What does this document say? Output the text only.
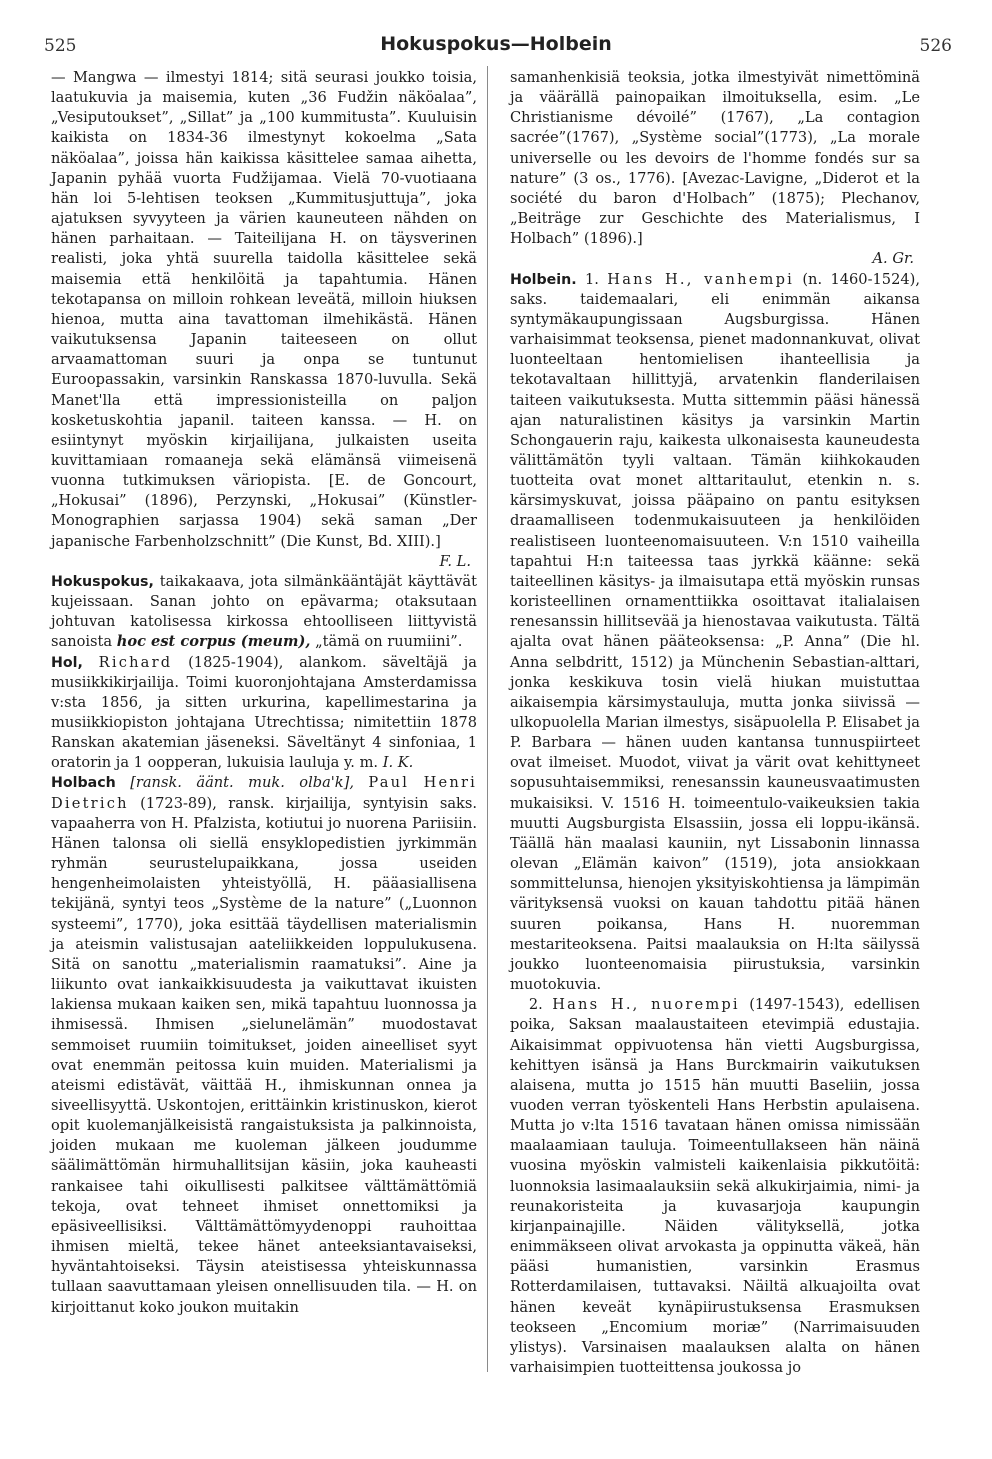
525	Hokuspokus—Holbein	526

— Mangwa — ilmestyi 1814; sitä seurasi joukko toisia, laatukuvia ja maisemia, kuten „36 Fudžin näköalaa”, „Vesiputoukset”, „Sillat” ja „100 kummitusta”. Kuuluisin kaikista on 1834-36 ilmestynyt kokoelma „Sata näköalaa”, joissa hän kaikissa käsittelee samaa aihetta, Japanin pyhää vuorta Fudžijamaa. Vielä 70-vuotiaana hän loi 5-lehtisen teoksen „Kummitusjuttuja”, joka ajatuksen syvyyteen ja värien kauneuteen nähden on hänen parhaitaan. — Taiteilijana H. on täysverinen realisti, joka yhtä suurella taidolla käsittelee sekä maisemia että henkilöitä ja tapahtumia. Hänen tekotapansa on milloin rohkean leveätä, milloin hiuksen hienoa, mutta aina tavattoman ilmehikästä. Hänen vaikutuksensa Japanin taiteeseen on ollut arvaamattoman suuri ja onpa se tuntunut Euroopassakin, varsinkin Ranskassa 1870-luvulla. Sekä Manet'lla että impressionisteilla on paljon kosketuskohtia japanil. taiteen kanssa. — H. on esiintynyt myöskin kirjailijana, julkaisten useita kuvittamiaan romaaneja sekä elämänsä viimeisenä vuonna tutkimuksen väriopista. [E. de Goncourt, „Hokusai” (1896), Perzynski, „Hokusai” (Künstler-Monographien sarjassa 1904) sekä saman „Der japanische Farbenholzschnitt” (Die Kunst, Bd. XIII).]
F. L.

Hokuspokus, taikakaava, jota silmänkääntäjät käyttävät kujeissaan. Sanan johto on epävarma; otaksutaan johtuvan katolisessa kirkossa ehtoolliseen liittyvistä sanoista hoc est corpus (meum), „tämä on ruumiini”.

Hol, Richard (1825-1904), alankom. säveltäjä ja musiikkikirjailija. Toimi kuoronjohtajana Amsterdamissa v:sta 1856, ja sitten urkurina, kapellimestarina ja musiikkiopiston johtajana Utrechtissa; nimitettiin 1878 Ranskan akatemian jäseneksi. Säveltänyt 4 sinfoniaa, 1 oratorin ja 1 oopperan, lukuisia lauluja y. m. I. K.

Holbach [ransk. äänt. muk. olba'k], Paul Henri Dietrich (1723-89), ransk. kirjailija, syntyisin saks. vapaaherra von H. Pfalzista, kotiutui jo nuorena Pariisiin. Hänen talonsa oli siellä ensyklopedistien jyrkimmän ryhmän seurustelupaikkana, jossa useiden hengenheimolaisten yhteistyöllä, H. pääasiallisena tekijänä, syntyi teos „Système de la nature” („Luonnon systeemi”, 1770), joka esittää täydellisen materialismin ja ateismin valistusajan aateliikkeiden loppulukusena. Sitä on sanottu „materialismin raamatuksi”. Aine ja liikunto ovat iankaikkisuudesta ja vaikuttavat ikuisten lakiensa mukaan kaiken sen, mikä tapahtuu luonnossa ja ihmisessä. Ihmisen „sielunelämän” muodostavat semmoiset ruumiin toimitukset, joiden aineelliset syyt ovat enemmän peitossa kuin muiden. Materialismi ja ateismi edistävät, väittää H., ihmiskunnan onnea ja siveellisyyttä. Uskontojen, erittäinkin kristinuskon, kierot opit kuolemanjälkeisistä rangaistuksista ja palkinnoista, joiden mukaan me kuoleman jälkeen joudumme säälimättömän hirmuhallitsijan käsiin, joka kauheasti rankaisee tahi oikullisesti palkitsee välttämättömiä tekoja, ovat tehneet ihmiset onnettomiksi ja epäsiveellisiksi. Välttämättömyydenoppi rauhoittaa ihmisen mieltä, tekee hänet anteeksiantavaiseksi, hyväntahtoiseksi. Täysin ateistisessa yhteiskunnassa tullaan saavuttamaan yleisen onnellisuuden tila. — H. on kirjoittanut koko joukon muitakin

samanhenkisiä teoksia, jotka ilmestyivät nimettöminä ja väärällä painopaikan ilmoituksella, esim. „Le Christianisme dévoilé” (1767), „La contagion sacrée”(1767), „Système social”(1773), „La morale universelle ou les devoirs de l'homme fondés sur sa nature” (3 os., 1776). [Avezac-Lavigne, „Diderot et la société du baron d'Holbach” (1875); Plechanov, „Beiträge zur Geschichte des Materialismus, I Holbach” (1896).]
A. Gr.

Holbein. 1. Hans H., vanhempi (n. 1460-1524), saks. taidemaalari, eli enimmän aikansa syntymäkaupungissaan Augsburgissa. Hänen varhaisimmat teoksensa, pienet madonnankuvat, olivat luonteeltaan hentomielisen ihanteellisia ja tekotavaltaan hillittyjä, arvatenkin flanderilaisen taiteen vaikutuksesta. Mutta sittemmin pääsi hänessä ajan naturalistinen käsitys ja varsinkin Martin Schongauerin raju, kaikesta ulkonaisesta kauneudesta välittämätön tyyli valtaan. Tämän kiihkokauden tuotteita ovat monet alttaritaulut, etenkin n. s. kärsimyskuvat, joissa pääpaino on pantu esityksen draamalliseen todenmukaisuuteen ja henkilöiden realistiseen luonteenomaisuuteen. V:n 1510 vaiheilla tapahtui H:n taiteessa taas jyrkkä käänne: sekä taiteellinen käsitys- ja ilmaisutapa että myöskin runsas koristeellinen ornamenttiikka osoittavat italialaisen renesanssin hillitsevää ja hienostavaa vaikutusta. Tältä ajalta ovat hänen pääteoksensa: „P. Anna” (Die hl. Anna selbdritt, 1512) ja Münchenin Sebastian-alttari, jonka keskikuva tosin vielä hiukan muistuttaa aikaisempia kärsimystauluja, mutta jonka siivissä — ulkopuolella Marian ilmestys, sisäpuolella P. Elisabet ja P. Barbara — hänen uuden kantansa tunnuspiirteet ovat ilmeiset. Muodot, viivat ja värit ovat kehittyneet sopusuhtaisemmiksi, renesanssin kauneusvaatimusten mukaisiksi. V. 1516 H. toimeentulo-vaikeuksien takia muutti Augsburgista Elsassiin, jossa eli loppu-ikänsä. Täällä hän maalasi kauniin, nyt Lissabonin linnassa olevan „Elämän kaivon” (1519), jota ansiokkaan sommittelunsa, hienojen yksityiskohtiensa ja lämpimän värityksensä vuoksi on kauan tahdottu pitää hänen suuren poikansa, Hans H. nuoremman mestariteoksena. Paitsi maalauksia on H:lta säilyssä joukko luonteenomaisia piirustuksia, varsinkin muotokuvia.

2. Hans H., nuorempi (1497-1543), edellisen poika, Saksan maalaustaiteen etevimpiä edustajia. Aikaisimmat oppivuotensa hän vietti Augsburgissa, kehittyen isänsä ja Hans Burckmairin vaikutuksen alaisena, mutta jo 1515 hän muutti Baseliin, jossa vuoden verran työskenteli Hans Herbstin apulaisena. Mutta jo v:lta 1516 tavataan hänen omissa nimissään maalaamiaan tauluja. Toimeentullakseen hän näinä vuosina myöskin valmisteli kaikenlaisia pikkutöitä: luonnoksia lasimaalauksiin sekä alkukirjaimia, nimi- ja reunakoristeita ja kuvasarjoja kaupungin kirjanpainajille. Näiden välityksellä, jotka enimmäkseen olivat arvokasta ja oppinutta väkeä, hän pääsi humanistien, varsinkin Erasmus Rotterdamilaisen, tuttavaksi. Näiltä alkuajoilta ovat hänen keveät kynäpiirustuksensa Erasmuksen teokseen „Encomium moriæ” (Narrimaisuuden ylistys). Varsinaisen maalauksen alalta on hänen varhaisimpien tuotteittensa joukossa jo
